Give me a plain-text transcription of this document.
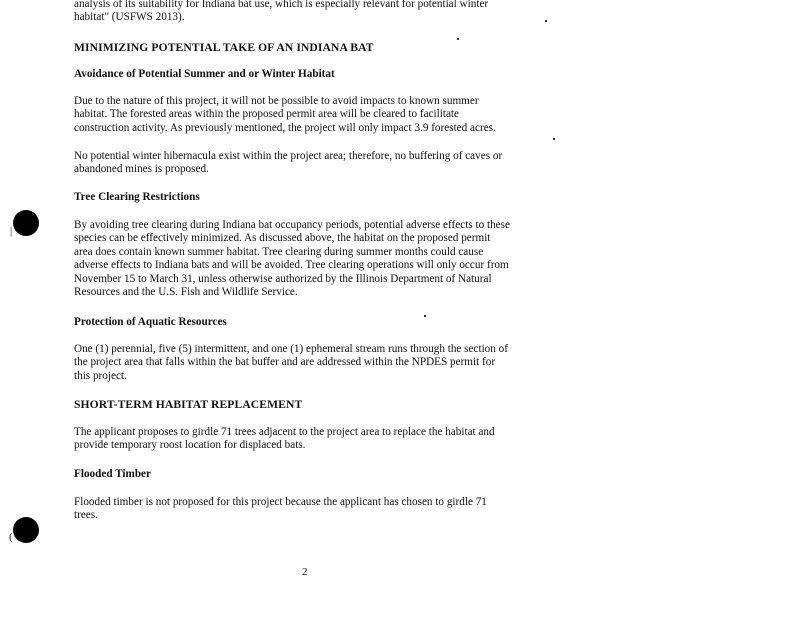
|
(
analysis of its suitability for Indiana bat use, which is especially relevant for potential winter
habitat" (USFWS 2013).
MINIMIZING POTENTIAL TAKE OF AN INDIANA BAT
Avoidance of Potential Summer and or Winter Habitat
Due to the nature of this project, it will not be possible to avoid impacts to known summer
habitat. The forested areas within the proposed permit area will be cleared to facilitate
construction activity. As previously mentioned, the project will only impact 3.9 forested acres.
No potential winter hibernacula exist within the project area; therefore, no buffering of caves or
abandoned mines is proposed.
Tree Clearing Restrictions
By avoiding tree clearing during Indiana bat occupancy periods, potential adverse effects to these
species can be effectively minimized. As discussed above, the habitat on the proposed permit
area does contain known summer habitat. Tree clearing during summer months could cause
adverse effects to Indiana bats and will be avoided. Tree clearing operations will only occur from
November 15 to March 31, unless otherwise authorized by the Illinois Department of Natural
Resources and the U.S. Fish and Wildlife Service.
Protection of Aquatic Resources
One (1) perennial, five (5) intermittent, and one (1) ephemeral stream runs through the section of
the project area that falls within the bat buffer and are addressed within the NPDES permit for
this project.
SHORT-TERM HABITAT REPLACEMENT
The applicant proposes to girdle 71 trees adjacent to the project area to replace the habitat and
provide temporary roost location for displaced bats.
Flooded Timber
Flooded timber is not proposed for this project because the applicant has chosen to girdle 71
trees.
2
